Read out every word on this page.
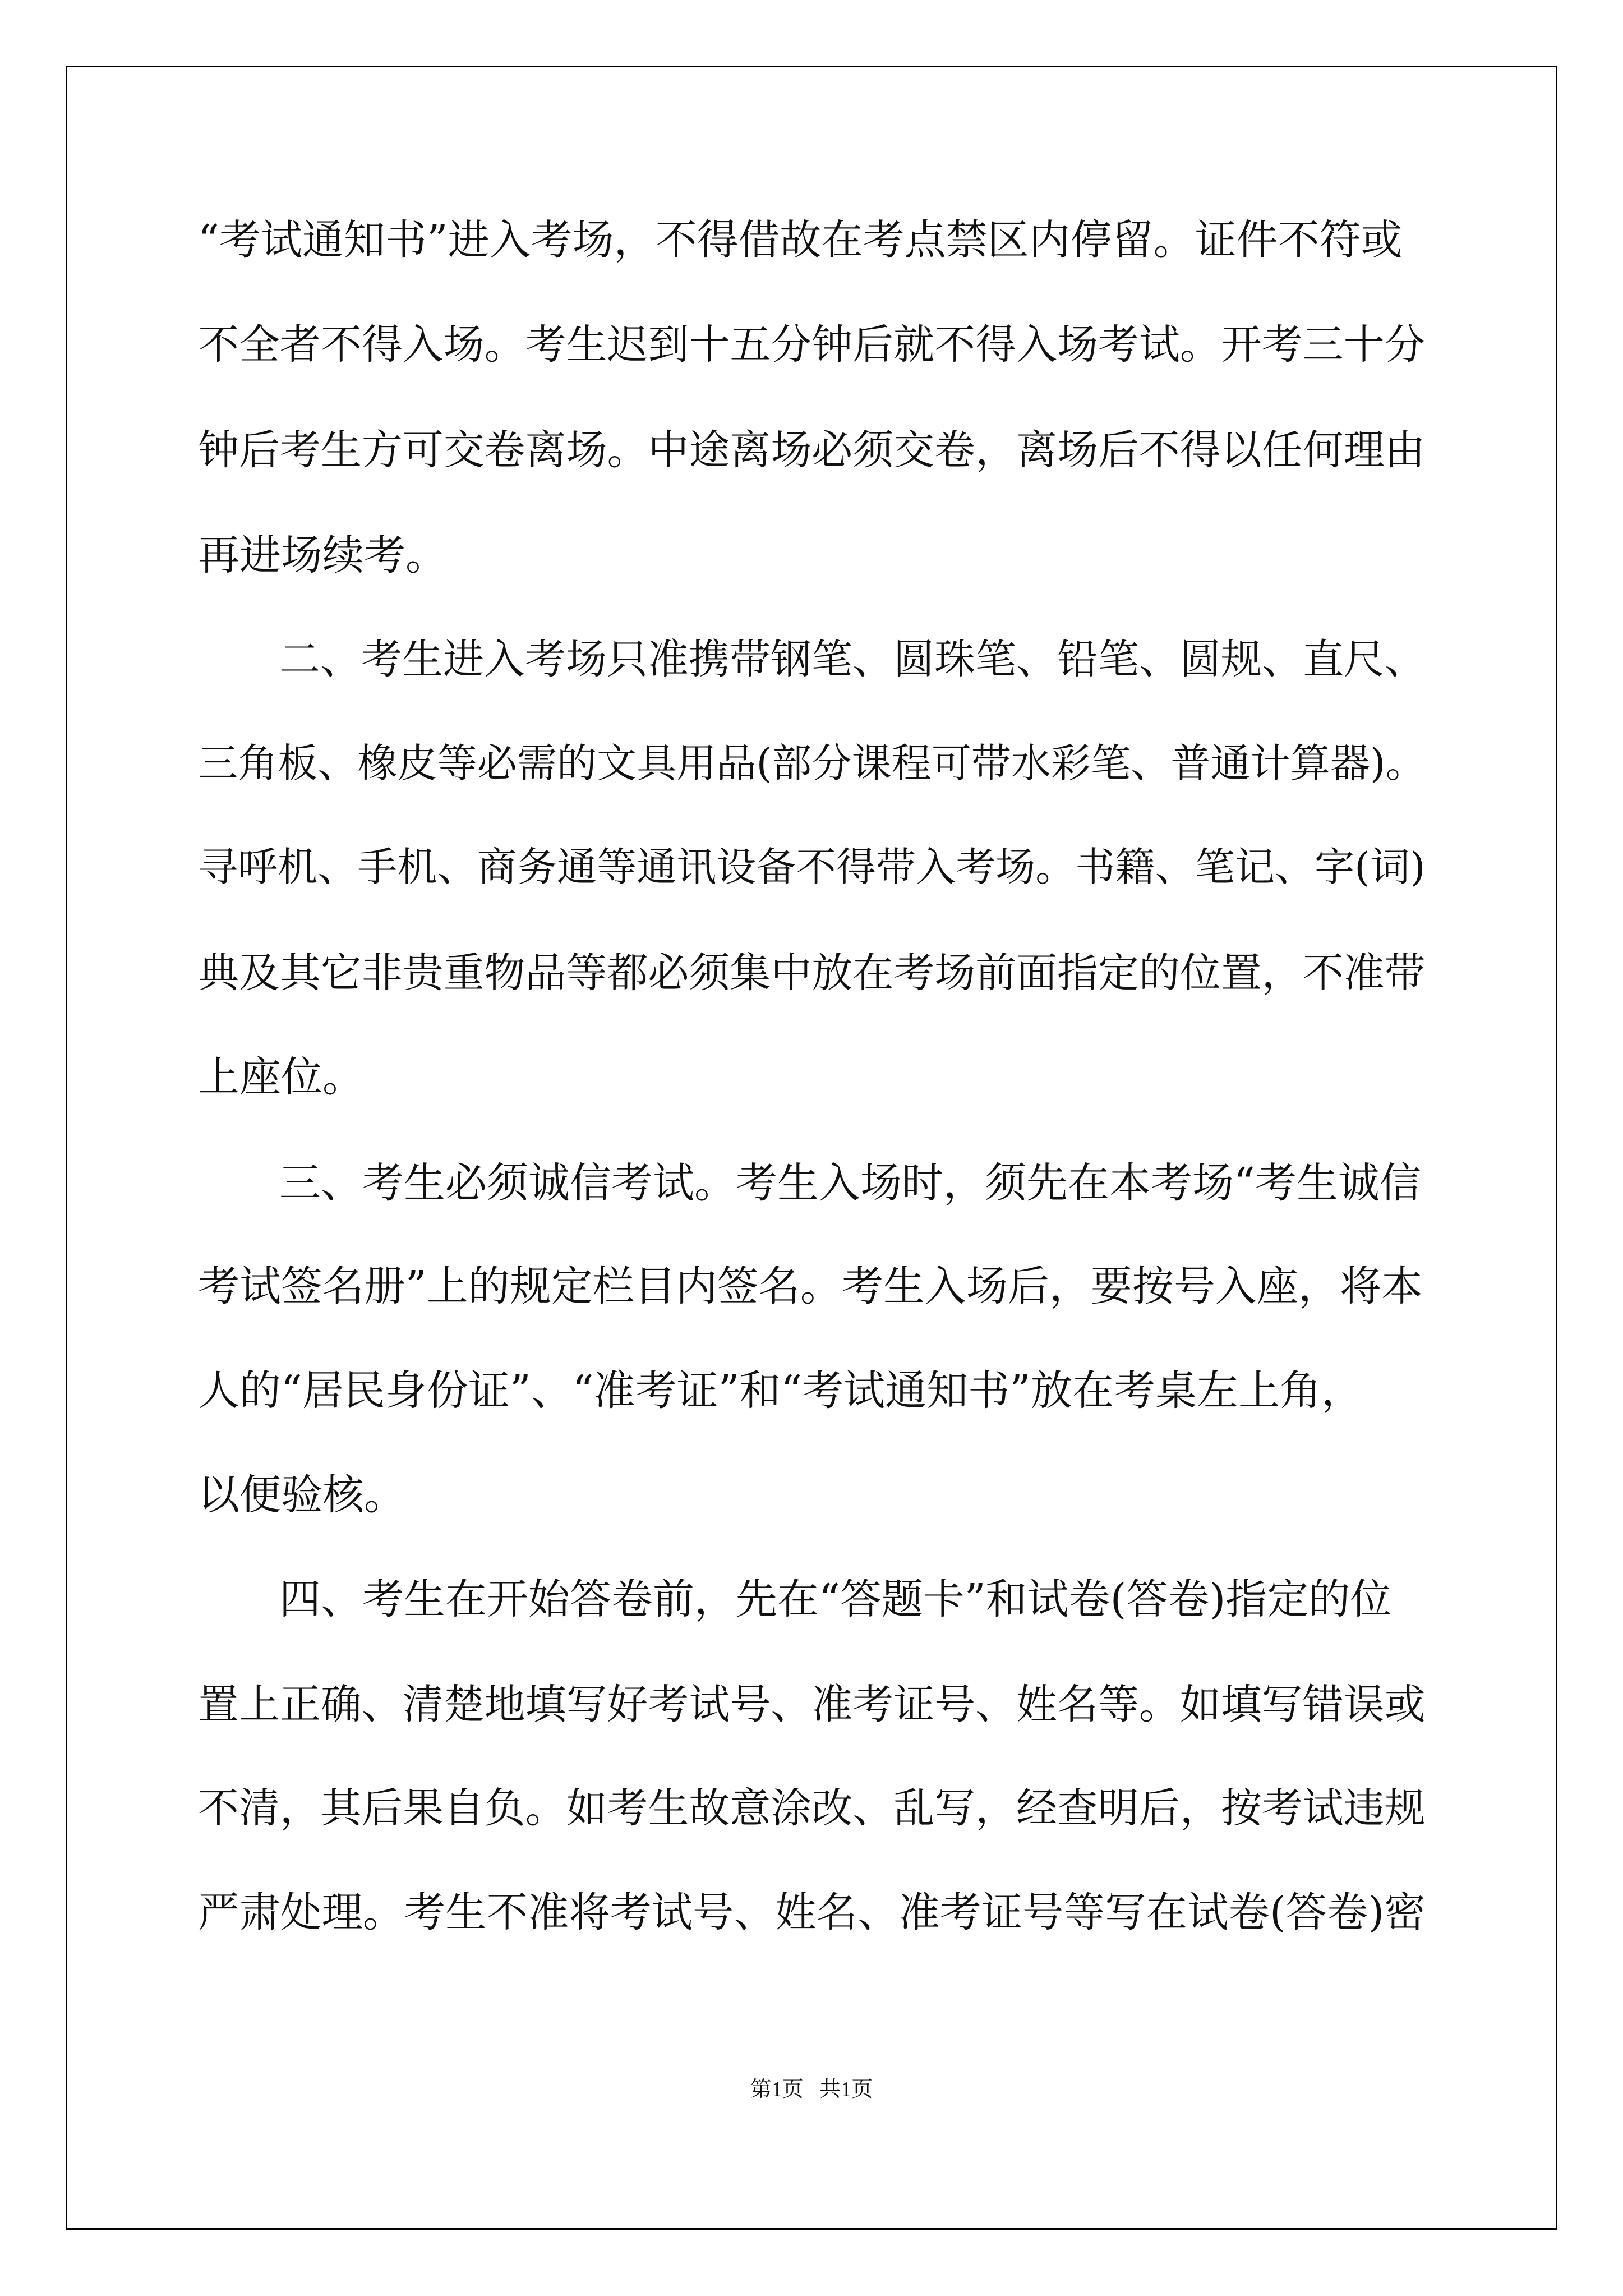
“考试通知书”进入考场，不得借故在考点禁区内停留。证件不符或

不全者不得入场。考生迟到十五分钟后就不得入场考试。开考三十分

钟后考生方可交卷离场。中途离场必须交卷，离场后不得以任何理由

再进场续考。

二、考生进入考场只准携带钢笔、圆珠笔、铅笔、圆规、直尺、

三角板、橡皮等必需的文具用品(部分课程可带水彩笔、普通计算器)。

寻呼机、手机、商务通等通讯设备不得带入考场。书籍、笔记、字(词)

典及其它非贵重物品等都必须集中放在考场前面指定的位置，不准带

上座位。

三、考生必须诚信考试。考生入场时，须先在本考场“考生诚信

考试签名册”上的规定栏目内签名。考生入场后，要按号入座，将本

人的“居民身份证”、“准考证”和“考试通知书”放在考桌左上角，

以便验核。

四、考生在开始答卷前，先在“答题卡”和试卷(答卷)指定的位

置上正确、清楚地填写好考试号、准考证号、姓名等。如填写错误或

不清，其后果自负。如考生故意涂改、乱写，经查明后，按考试违规

严肃处理。考生不准将考试号、姓名、准考证号等写在试卷(答卷)密

第1页 共1页
